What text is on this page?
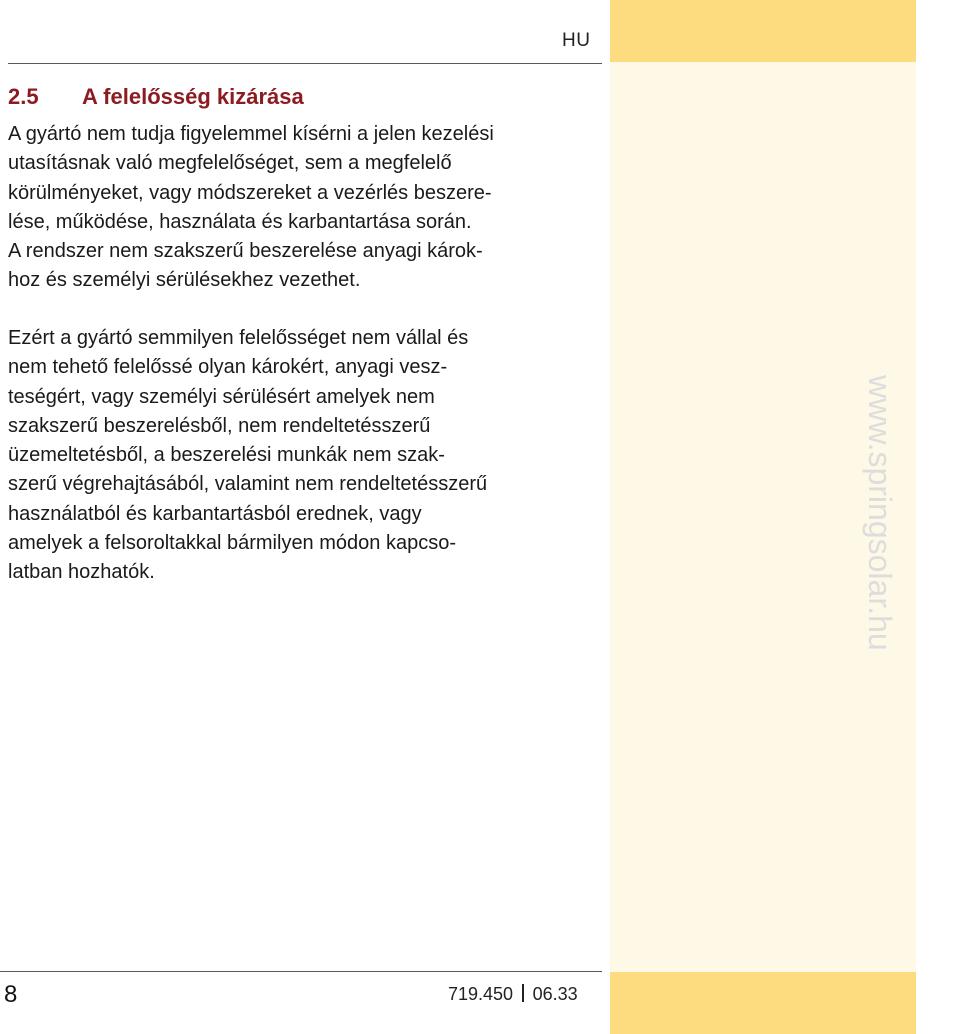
www.springsolar.hu
HU
2.5 A felelősség kizárása
A gyártó nem tudja figyelemmel kísérni a jelen kezelési
utasításnak való megfelelőséget, sem a megfelelő
körülményeket, vagy módszereket a vezérlés beszere-
lése, működése, használata és karbantartása során.
A rendszer nem szakszerű beszerelése anyagi károk-
hoz és személyi sérülésekhez vezethet.
Ezért a gyártó semmilyen felelősséget nem vállal és
nem tehető felelőssé olyan károkért, anyagi vesz-
teségért, vagy személyi sérülésért amelyek nem
szakszerű beszerelésből, nem rendeltetésszerű
üzemeltetésből, a beszerelési munkák nem szak-
szerű végrehajtásából, valamint nem rendeltetésszerű
használatból és karbantartásból erednek, vagy
amelyek a felsoroltakkal bármilyen módon kapcso-
latban hozhatók.
8	719.450 06.33
